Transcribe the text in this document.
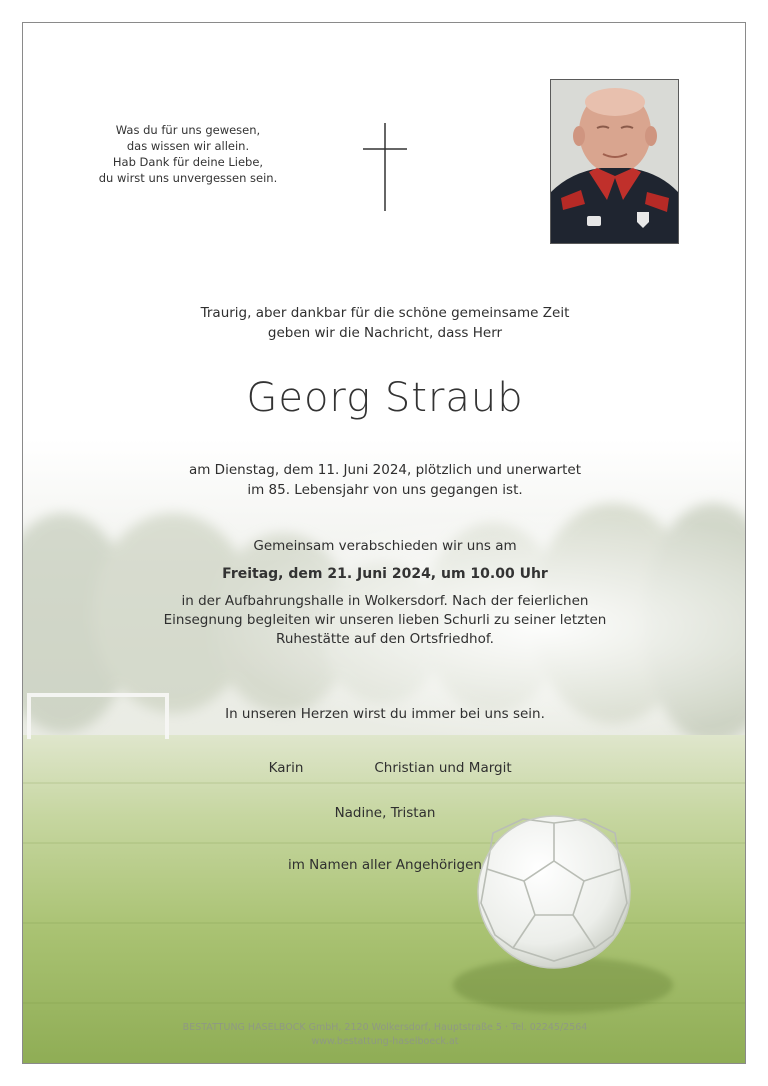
Was du für uns gewesen,
das wissen wir allein.
Hab Dank für deine Liebe,
du wirst uns unvergessen sein.
Traurig, aber dankbar für die schöne gemeinsame Zeit
geben wir die Nachricht, dass Herr
Georg Straub
am Dienstag, dem 11. Juni 2024, plötzlich und unerwartet
im 85. Lebensjahr von uns gegangen ist.
Gemeinsam verabschieden wir uns am
Freitag, dem 21. Juni 2024, um 10.00 Uhr
in der Aufbahrungshalle in Wolkersdorf. Nach der feierlichen
Einsegnung begleiten wir unseren lieben Schurli zu seiner letzten
Ruhestätte auf den Ortsfriedhof.
In unseren Herzen wirst du immer bei uns sein.
Karin	Christian und Margit
Nadine, Tristan
im Namen aller Angehörigen
BESTATTUNG HASELBÖCK GmbH, 2120 Wolkersdorf, Hauptstraße 5 · Tel. 02245/2564
www.bestattung-haselboeck.at
